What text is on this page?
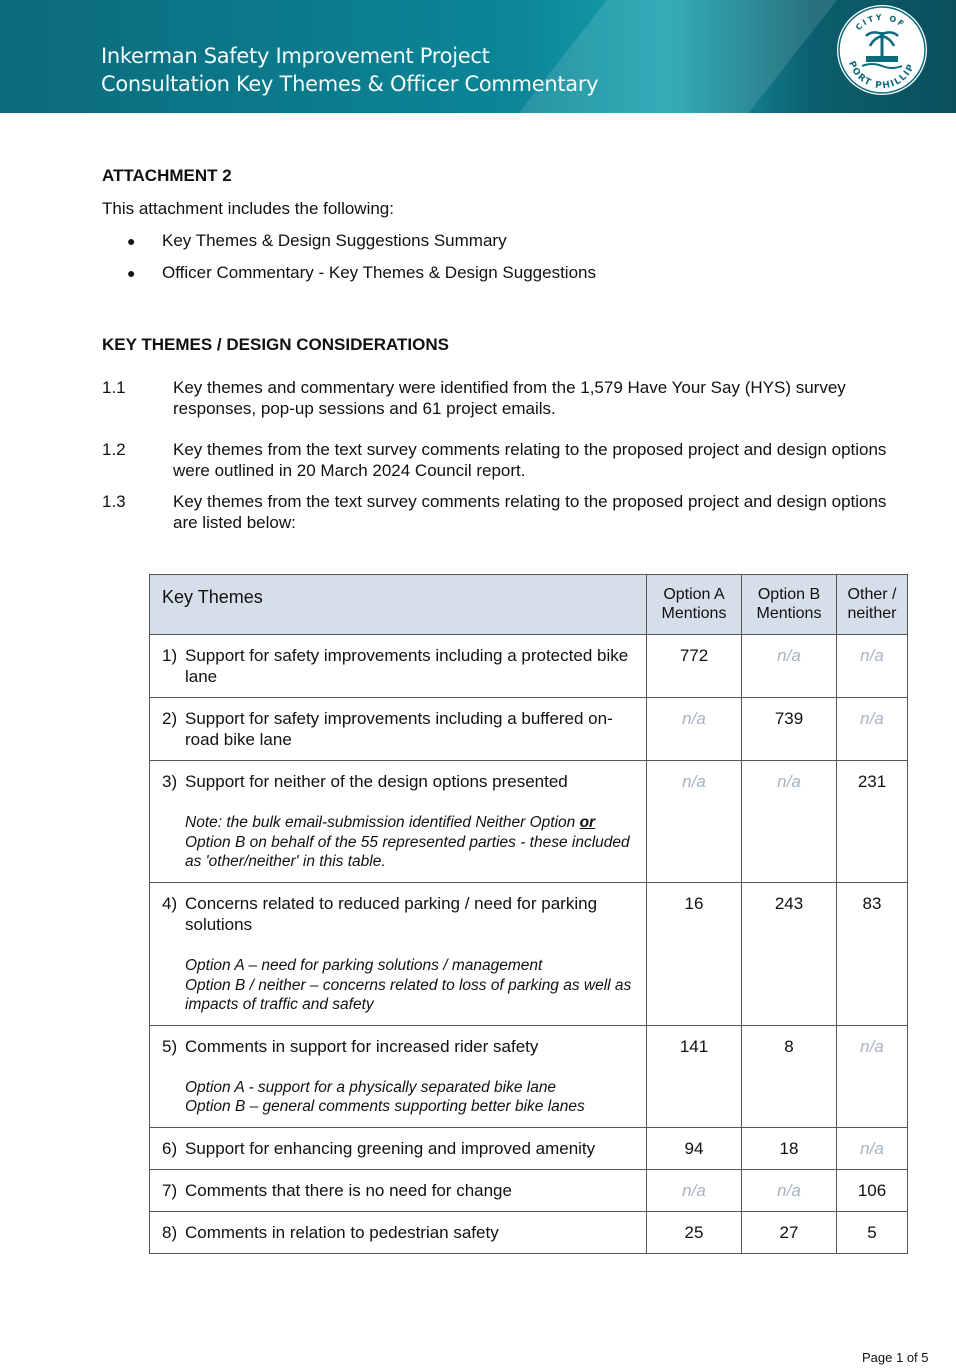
Inkerman Safety Improvement Project
Consultation Key Themes & Officer Commentary
CITY OF
PORT PHILLIP
ATTACHMENT 2
This attachment includes the following:
●	Key Themes & Design Suggestions Summary
●	Officer Commentary - Key Themes & Design Suggestions
KEY THEMES / DESIGN CONSIDERATIONS
1.1	Key themes and commentary were identified from the 1,579 Have Your Say (HYS) survey responses, pop-up sessions and 61 project emails.
1.2	Key themes from the text survey comments relating to the proposed project and design options were outlined in 20 March 2024 Council report.
1.3	Key themes from the text survey comments relating to the proposed project and design options are listed below:
Key Themes	Option A Mentions	Option B Mentions	Other / neither

1) Support for safety improvements including a protected bike lane	772	n/a	n/a

2) Support for safety improvements including a buffered on-road bike lane	n/a	739	n/a

3) Support for neither of the design options presented
Note: the bulk email-submission identified Neither Option or Option B on behalf of the 55 represented parties - these included as 'other/neither' in this table.	n/a	n/a	231

4) Concerns related to reduced parking / need for parking solutions
Option A – need for parking solutions / management
Option B / neither – concerns related to loss of parking as well as impacts of traffic and safety	16	243	83

5) Comments in support for increased rider safety
Option A - support for a physically separated bike lane
Option B – general comments supporting better bike lanes	141	8	n/a

6) Support for enhancing greening and improved amenity	94	18	n/a

7) Comments that there is no need for change	n/a	n/a	106

8) Comments in relation to pedestrian safety	25	27	5
Page 1 of 5
